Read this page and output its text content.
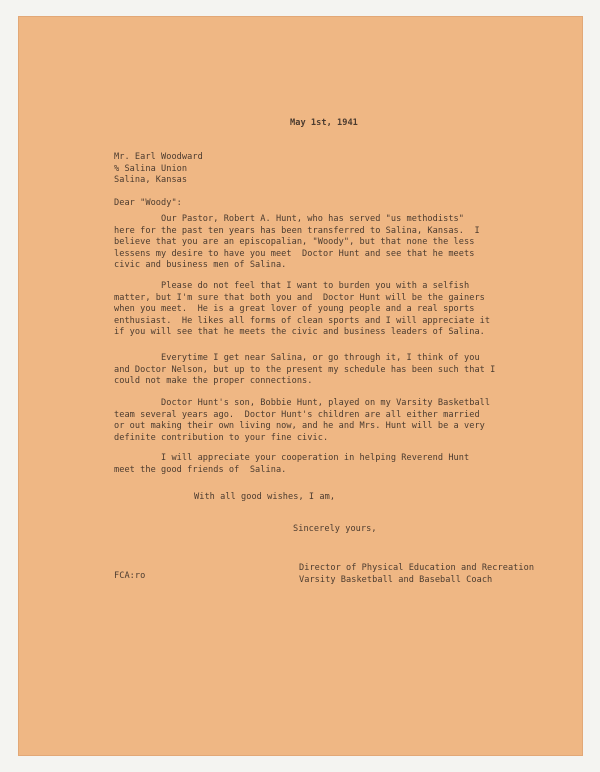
May 1st, 1941
Mr. Earl Woodward
% Salina Union
Salina, Kansas
Dear "Woody":
Our Pastor, Robert A. Hunt, who has served "us methodists"
here for the past ten years has been transferred to Salina, Kansas.  I
believe that you are an episcopalian, "Woody", but that none the less
lessens my desire to have you meet  Doctor Hunt and see that he meets
civic and business men of Salina.
Please do not feel that I want to burden you with a selfish
matter, but I'm sure that both you and  Doctor Hunt will be the gainers
when you meet.  He is a great lover of young people and a real sports
enthusiast.  He likes all forms of clean sports and I will appreciate it
if you will see that he meets the civic and business leaders of Salina.
Everytime I get near Salina, or go through it, I think of you
and Doctor Nelson, but up to the present my schedule has been such that I
could not make the proper connections.
Doctor Hunt's son, Bobbie Hunt, played on my Varsity Basketball
team several years ago.  Doctor Hunt's children are all either married
or out making their own living now, and he and Mrs. Hunt will be a very
definite contribution to your fine civic.
I will appreciate your cooperation in helping Reverend Hunt
meet the good friends of  Salina.
With all good wishes, I am,
Sincerely yours,
Director of Physical Education and Recreation
Varsity Basketball and Baseball Coach
FCA:ro
